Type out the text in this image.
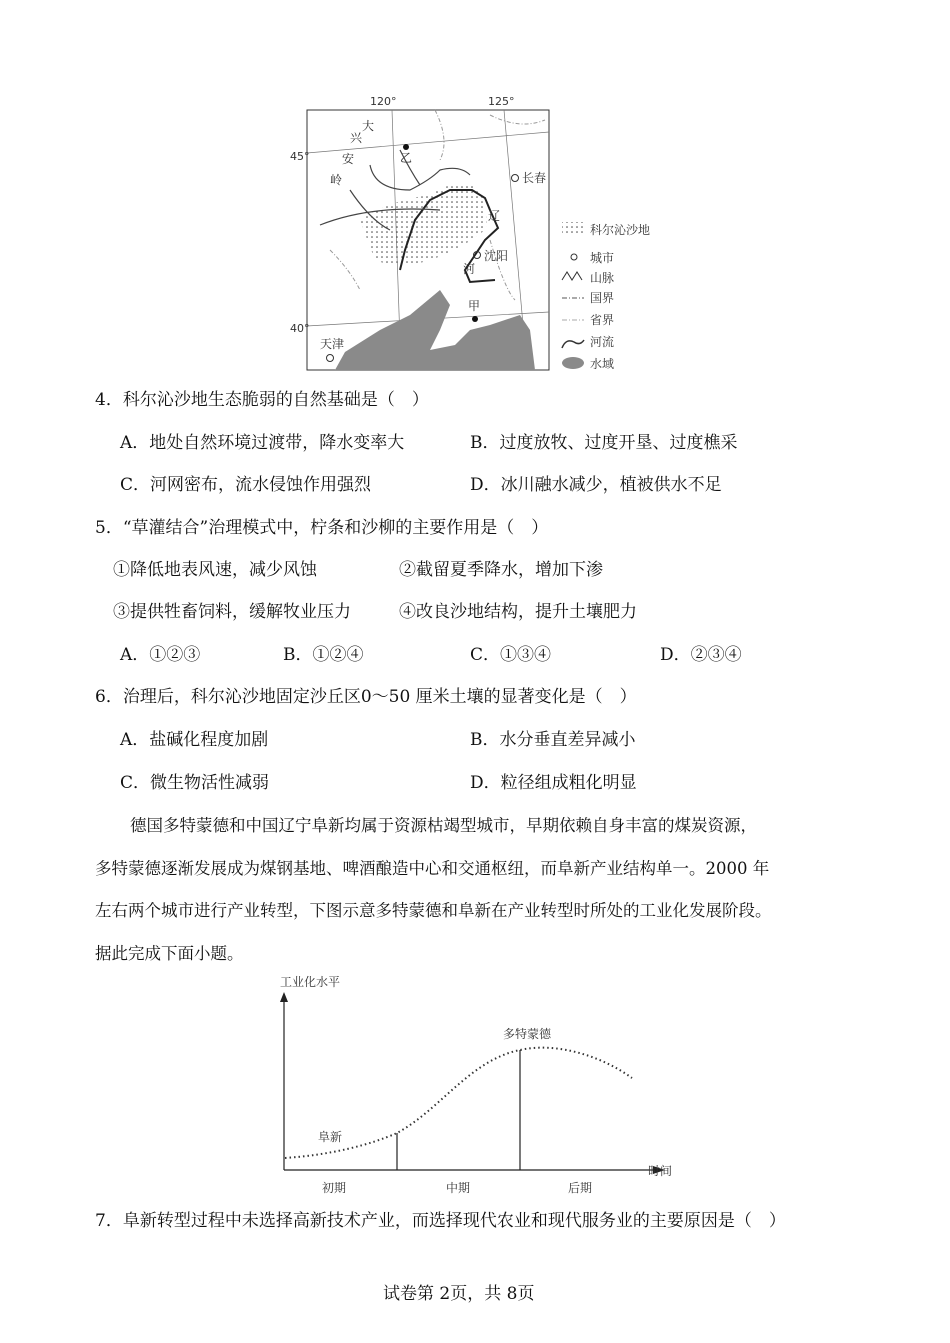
120°	125°
45°
40°
大
兴
安
岭
乙
甲
长春
沈阳
天津
辽
河
科尔沁沙地
城市
山脉
国界
省界
河流
水域
4．科尔沁沙地生态脆弱的自然基础是（　）
A．地处自然环境过渡带，降水变率大	B．过度放牧、过度开垦、过度樵采
C．河网密布，流水侵蚀作用强烈	D．冰川融水减少，植被供水不足
5．“草灌结合”治理模式中，柠条和沙柳的主要作用是（　）
①降低地表风速，减少风蚀	②截留夏季降水，增加下渗
③提供牲畜饲料，缓解牧业压力	④改良沙地结构，提升土壤肥力
A．①②③	B．①②④	C．①③④	D．②③④
6．治理后，科尔沁沙地固定沙丘区0～50 厘米土壤的显著变化是（　）
A．盐碱化程度加剧	B．水分垂直差异减小
C．微生物活性减弱	D．粒径组成粗化明显
德国多特蒙德和中国辽宁阜新均属于资源枯竭型城市，早期依赖自身丰富的煤炭资源，
多特蒙德逐渐发展成为煤钢基地、啤酒酿造中心和交通枢纽，而阜新产业结构单一。2000 年
左右两个城市进行产业转型，下图示意多特蒙德和阜新在产业转型时所处的工业化发展阶段。
据此完成下面小题。
工业化水平
时间
初期	中期	后期
阜新
多特蒙德
7．阜新转型过程中未选择高新技术产业，而选择现代农业和现代服务业的主要原因是（　）
试卷第 2页，共 8页
